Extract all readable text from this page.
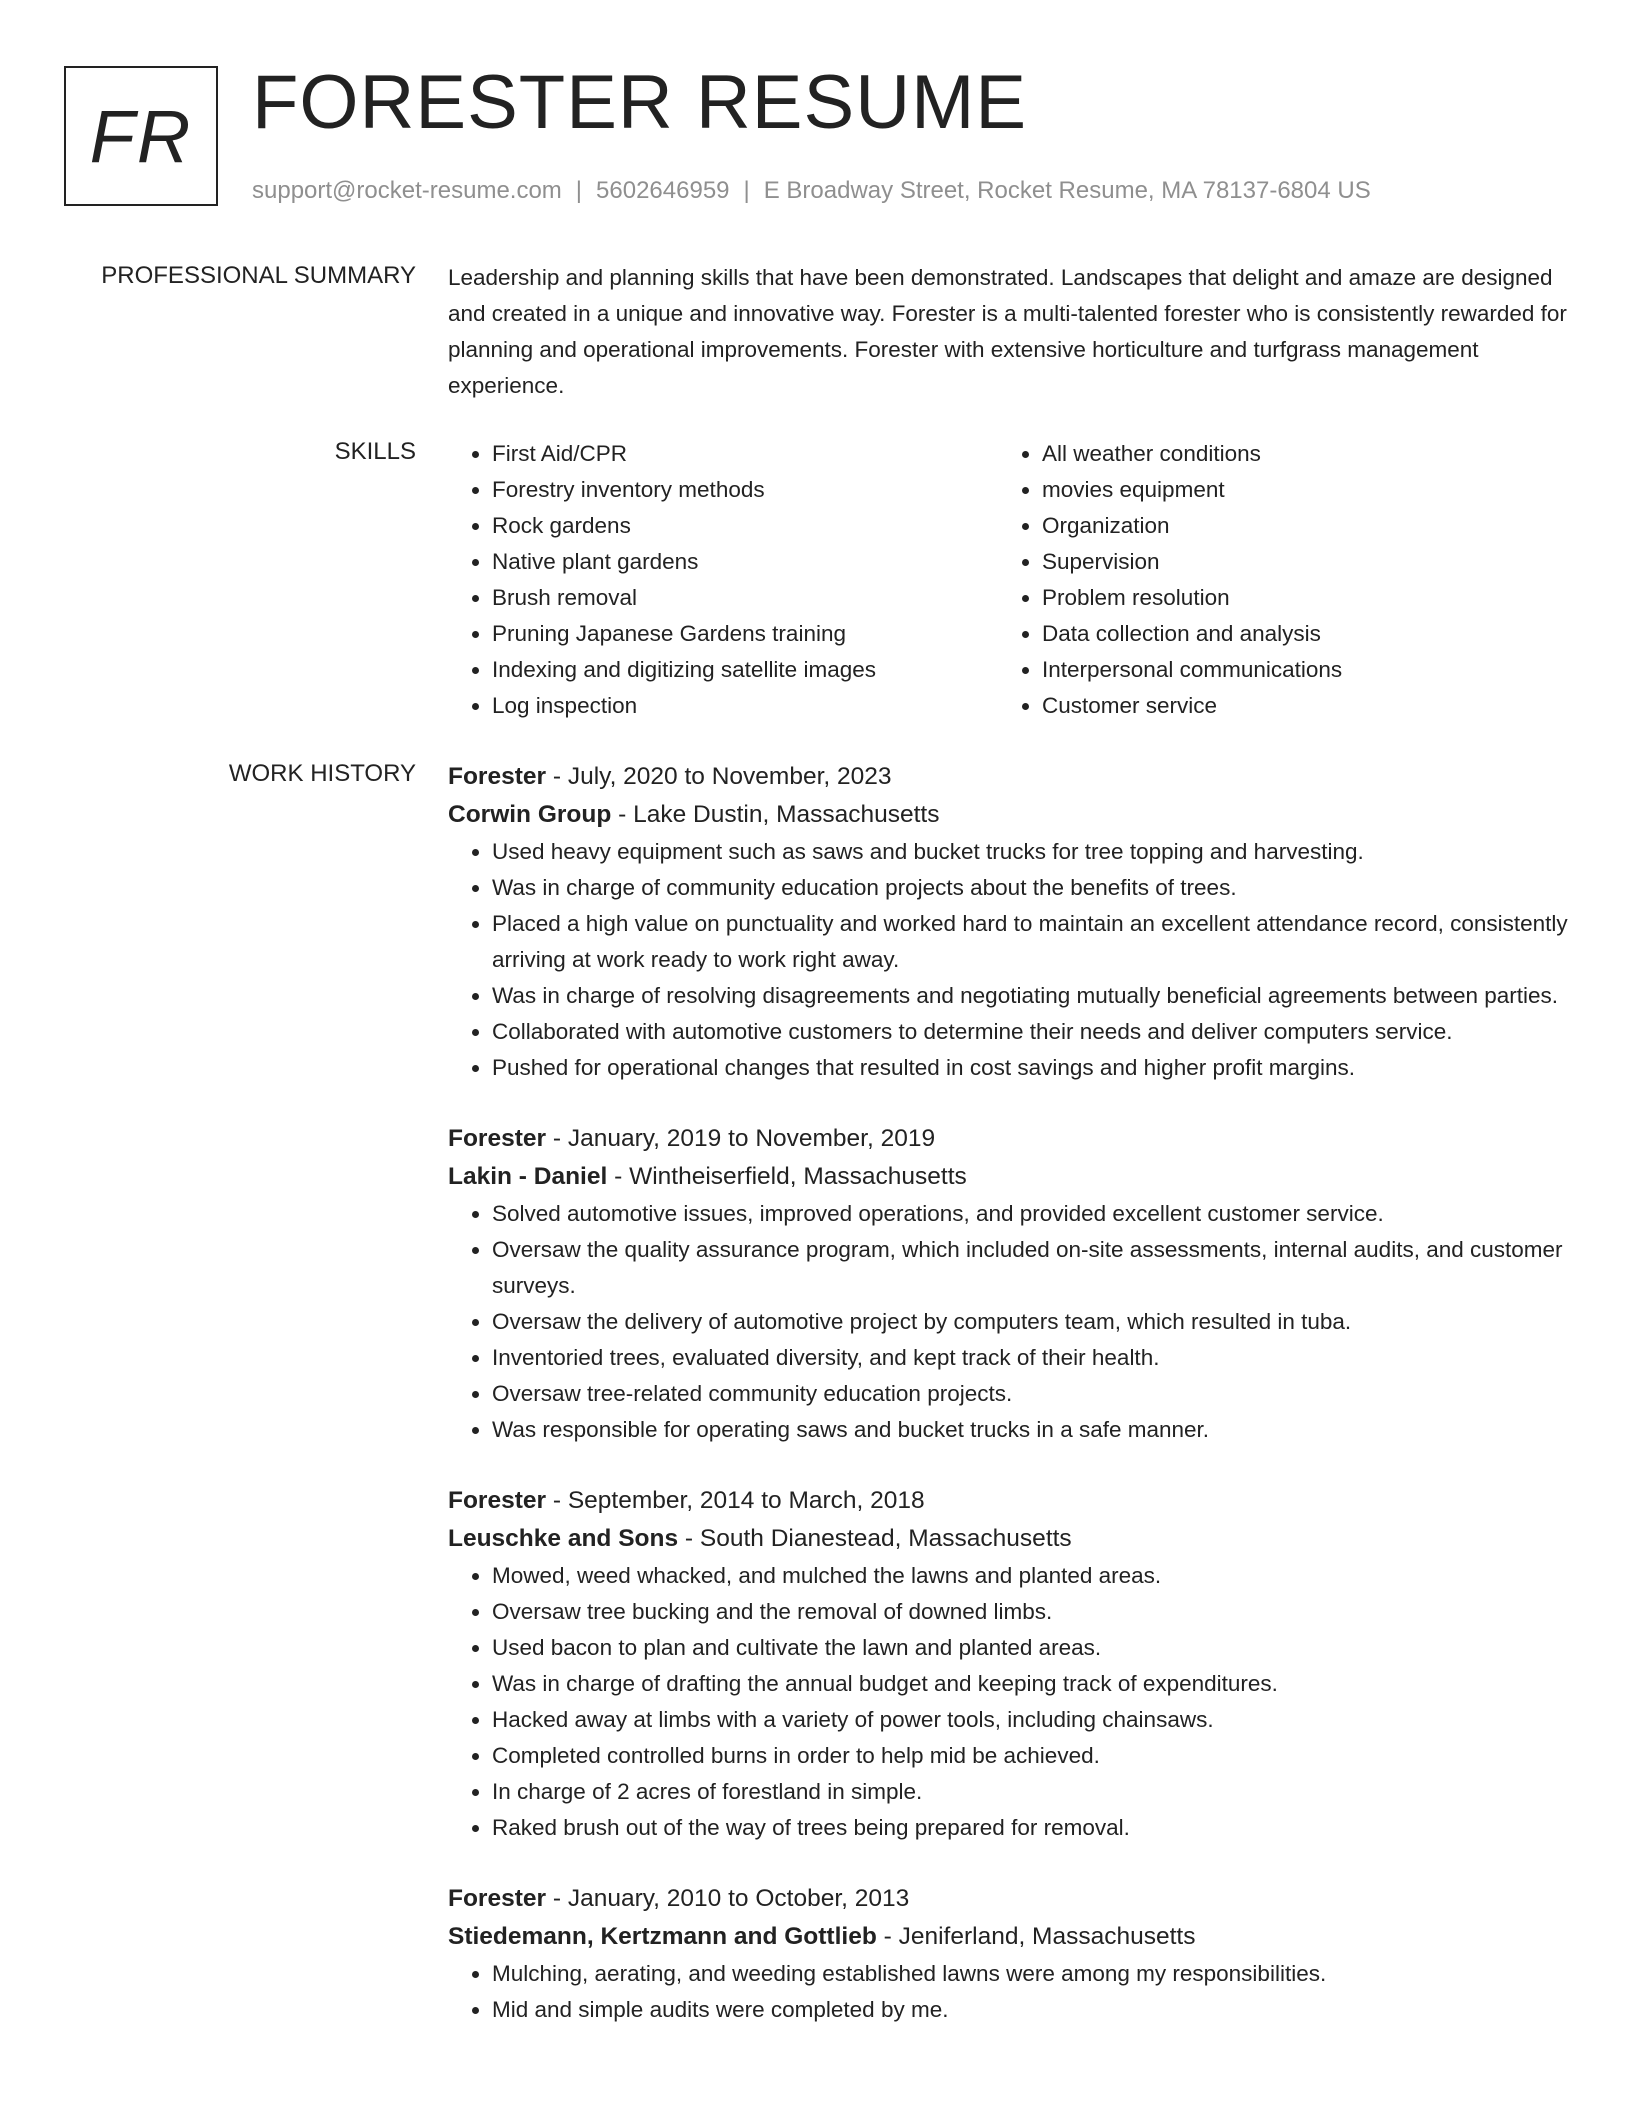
FR FORESTER RESUME
support@rocket-resume.com | 5602646959 | E Broadway Street, Rocket Resume, MA 78137-6804 US
PROFESSIONAL SUMMARY Leadership and planning skills that have been demonstrated. Landscapes that delight and amaze are designed and created in a unique and innovative way. Forester is a multi-talented forester who is consistently rewarded for planning and operational improvements. Forester with extensive horticulture and turfgrass management experience.

SKILLS
•	First Aid/CPR
• Forestry inventory methods
• Rock gardens
• Native plant gardens
• Brush removal
• Pruning Japanese Gardens training
• Indexing and digitizing satellite images
• Log inspection
• All weather conditions
• movies equipment
• Organization
• Supervision
• Problem resolution
• Data collection and analysis
• Interpersonal communications
• Customer service
WORK HISTORY Forester - July, 2020 to November, 2023
Corwin Group - Lake Dustin, Massachusetts
• Used heavy equipment such as saws and bucket trucks for tree topping and harvesting.
• Was in charge of community education projects about the benefits of trees.
• Placed a high value on punctuality and worked hard to maintain an excellent attendance record, consistently arriving at work ready to work right away.
• Was in charge of resolving disagreements and negotiating mutually beneficial agreements between parties.
• Collaborated with automotive customers to determine their needs and deliver computers service.
• Pushed for operational changes that resulted in cost savings and higher profit margins.
Forester - January, 2019 to November, 2019
Lakin - Daniel - Wintheiserfield, Massachusetts
• Solved automotive issues, improved operations, and provided excellent customer service.
• Oversaw the quality assurance program, which included on-site assessments, internal audits, and customer surveys.
• Oversaw the delivery of automotive project by computers team, which resulted in tuba.
• Inventoried trees, evaluated diversity, and kept track of their health.
• Oversaw tree-related community education projects.
• Was responsible for operating saws and bucket trucks in a safe manner.
Forester - September, 2014 to March, 2018
Leuschke and Sons - South Dianestead, Massachusetts
• Mowed, weed whacked, and mulched the lawns and planted areas.
• Oversaw tree bucking and the removal of downed limbs.
• Used bacon to plan and cultivate the lawn and planted areas.
• Was in charge of drafting the annual budget and keeping track of expenditures.
• Hacked away at limbs with a variety of power tools, including chainsaws.
• Completed controlled burns in order to help mid be achieved.
• In charge of 2 acres of forestland in simple.
• Raked brush out of the way of trees being prepared for removal.
Forester - January, 2010 to October, 2013
Stiedemann, Kertzmann and Gottlieb - Jeniferland, Massachusetts
• Mulching, aerating, and weeding established lawns were among my responsibilities.
• Mid and simple audits were completed by me.
